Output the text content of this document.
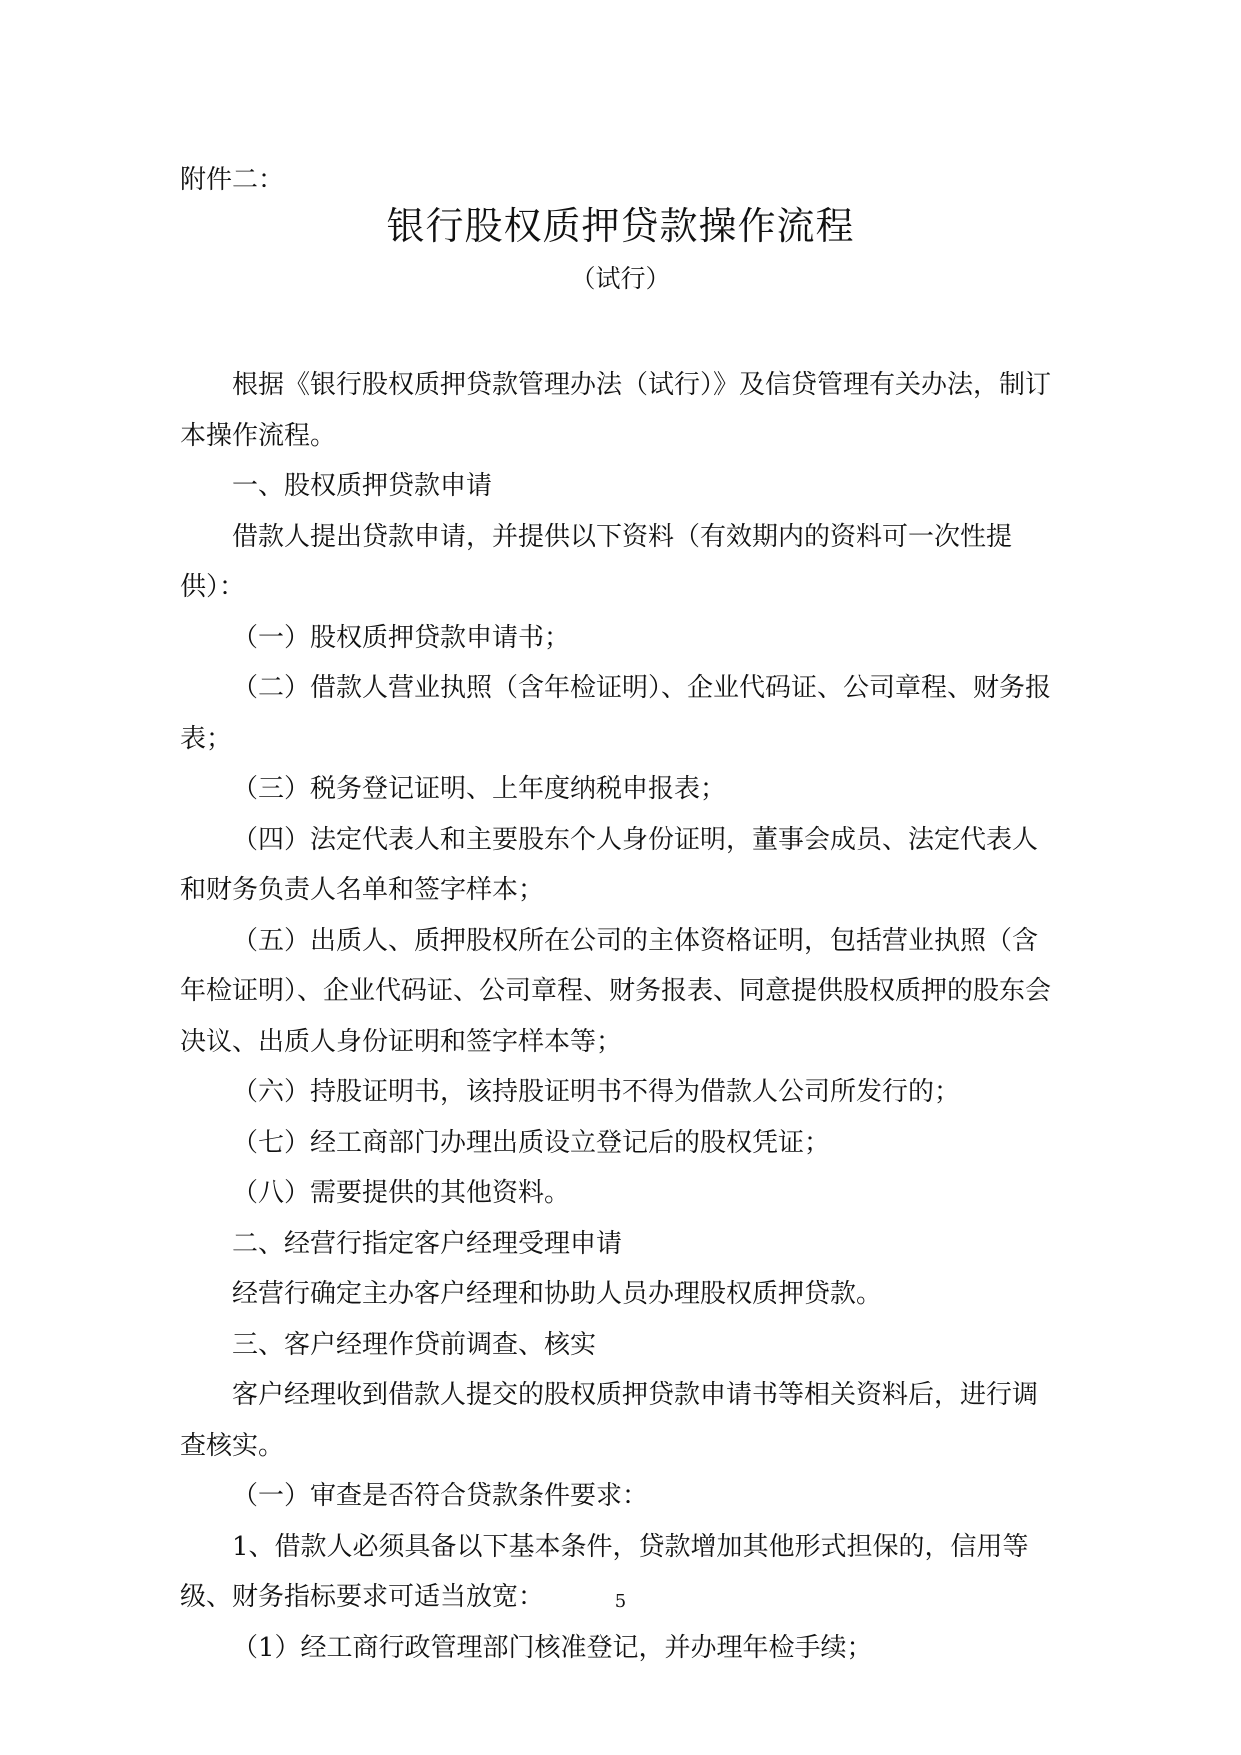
附件二：
银行股权质押贷款操作流程
（试行）

根据《银行股权质押贷款管理办法（试行）》及信贷管理有关办法，制订本操作流程。

一、股权质押贷款申请

借款人提出贷款申请，并提供以下资料（有效期内的资料可一次性提供）：

（一）股权质押贷款申请书；

（二）借款人营业执照（含年检证明）、企业代码证、公司章程、财务报表；

（三）税务登记证明、上年度纳税申报表；

（四）法定代表人和主要股东个人身份证明，董事会成员、法定代表人和财务负责人名单和签字样本；

（五）出质人、质押股权所在公司的主体资格证明，包括营业执照（含年检证明）、企业代码证、公司章程、财务报表、同意提供股权质押的股东会决议、出质人身份证明和签字样本等；

（六）持股证明书，该持股证明书不得为借款人公司所发行的；

（七）经工商部门办理出质设立登记后的股权凭证；

（八）需要提供的其他资料。

二、经营行指定客户经理受理申请

经营行确定主办客户经理和协助人员办理股权质押贷款。

三、客户经理作贷前调查、核实

客户经理收到借款人提交的股权质押贷款申请书等相关资料后，进行调查核实。

（一）审查是否符合贷款条件要求：

1、借款人必须具备以下基本条件，贷款增加其他形式担保的，信用等级、财务指标要求可适当放宽：

（1）经工商行政管理部门核准登记，并办理年检手续；

5
